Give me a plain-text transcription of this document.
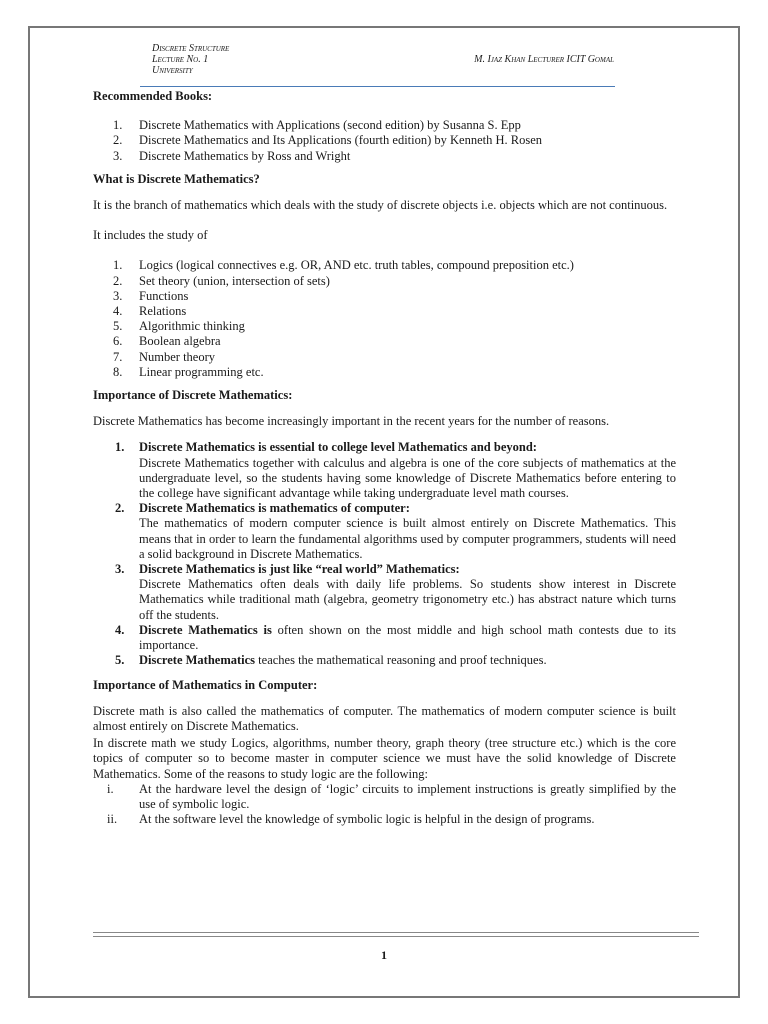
Discrete Structure
Lecture No. 1	M. Ijaz Khan Lecturer ICIT Gomal
University
Recommended Books:
1.	Discrete Mathematics with Applications (second edition) by Susanna S. Epp
2.	Discrete Mathematics and Its Applications (fourth edition) by Kenneth H. Rosen
3.	Discrete Mathematics by Ross and Wright
What is Discrete Mathematics?

It is the branch of mathematics which deals with the study of discrete objects i.e. objects which are not continuous.

It includes the study of

1.	Logics (logical connectives e.g. OR, AND etc. truth tables, compound preposition etc.)
2.	Set theory (union, intersection of sets)
3.	Functions
4.	Relations
5.	Algorithmic thinking
6.	Boolean algebra
7.	Number theory
8.	Linear programming etc.
Importance of Discrete Mathematics:

Discrete Mathematics has become increasingly important in the recent years for the number of reasons.

1.	Discrete Mathematics is essential to college level Mathematics and beyond:

Discrete Mathematics together with calculus and algebra is one of the core subjects of mathematics at the undergraduate level, so the students having some knowledge of Discrete Mathematics before entering to the college have significant advantage while taking undergraduate level math courses.

2.	Discrete Mathematics is mathematics of computer:

The mathematics of modern computer science is built almost entirely on Discrete Mathematics. This means that in order to learn the fundamental algorithms used by computer programmers, students will need a solid background in Discrete Mathematics.

3.	Discrete Mathematics is just like “real world” Mathematics:

Discrete Mathematics often deals with daily life problems. So students show interest in Discrete Mathematics while traditional math (algebra, geometry trigonometry etc.) has abstract nature which turns off the students.

4.	Discrete Mathematics is often shown on the most middle and high school math contests due to its importance.

5.	Discrete Mathematics teaches the mathematical reasoning and proof techniques.

Importance of Mathematics in Computer:

Discrete math is also called the mathematics of computer. The mathematics of modern computer science is built almost entirely on Discrete Mathematics.

In discrete math we study Logics, algorithms, number theory, graph theory (tree structure etc.) which is the core topics of computer so to become master in computer science we must have the solid knowledge of Discrete Mathematics. Some of the reasons to study logic are the following:

i.	At the hardware level the design of ‘logic’ circuits to implement instructions is greatly simplified by the use of symbolic logic.
ii.	At the software level the knowledge of symbolic logic is helpful in the design of programs.
1
